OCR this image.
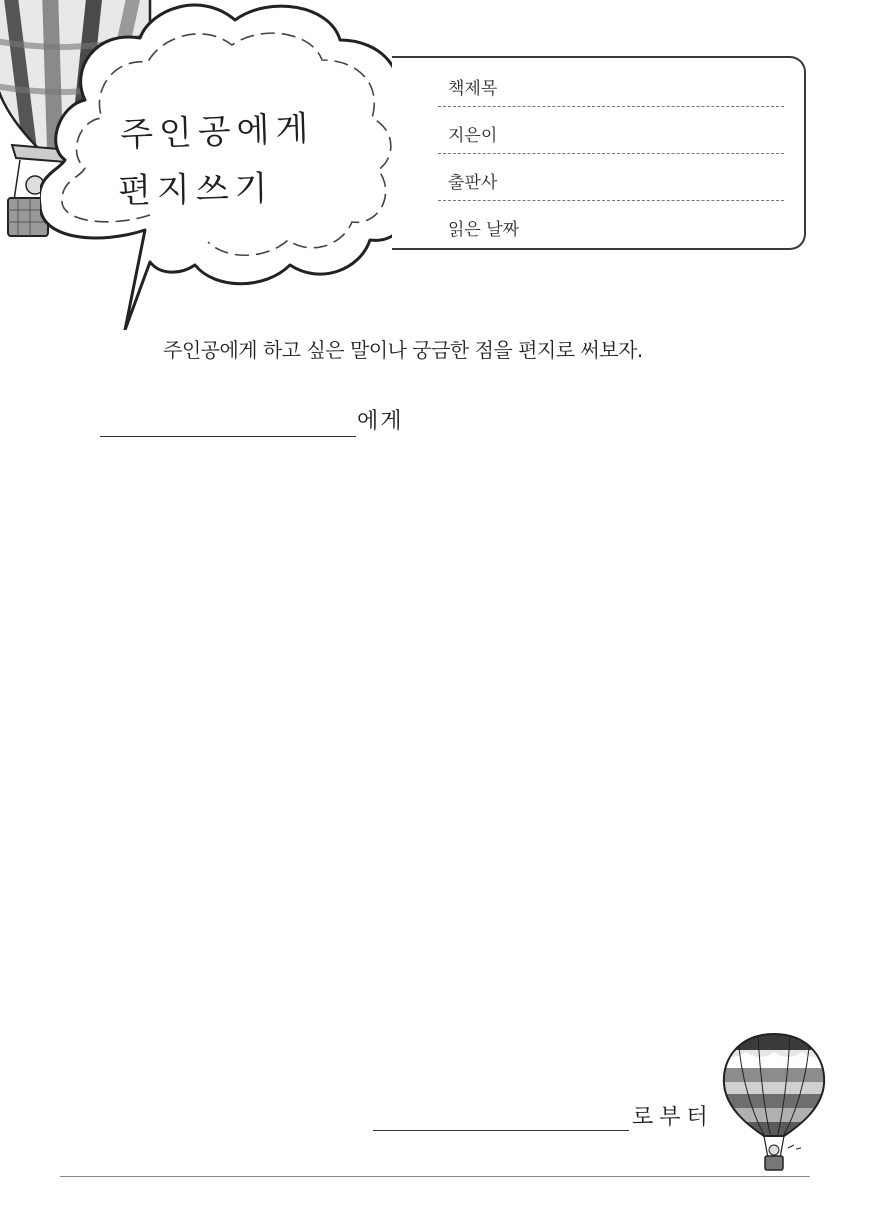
주인공에게
편지쓰기
책제목
지은이
출판사
읽은 날짜
주인공에게 하고 싶은 말이나 궁금한 점을 편지로 써보자.
에게
로부터
